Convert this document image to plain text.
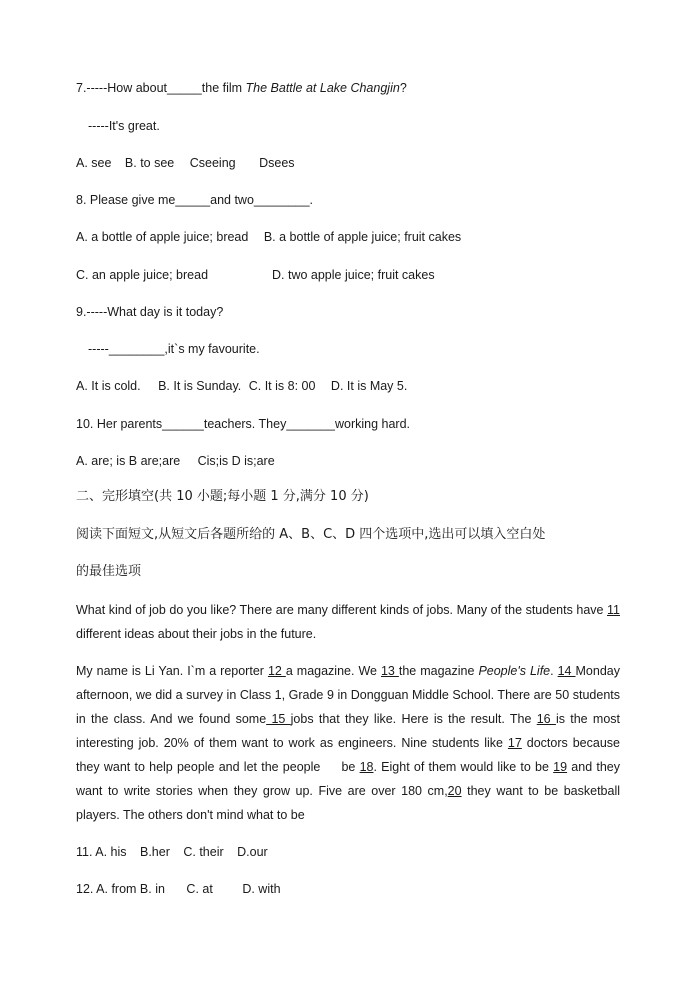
7.-----How about_____the film The Battle at Lake Changjin?
-----It's great.
A. see B. to see Cseeing Dsees
8. Please give me_____and two________.
A. a bottle of apple juice; bread B. a bottle of apple juice; fruit cakes
C. an apple juice; bread	D. two apple juice; fruit cakes
9.-----What day is it today?
-----________,it`s my favourite.
A. It is cold. B. It is Sunday. C. It is 8: 00 D. It is May 5.
10. Her parents______teachers. They_______working hard.
A. are; is B are;are     Cis;is D is;are
二、完形填空(共 10 小题;每小题 1 分,满分 10 分)
阅读下面短文,从短文后各题所给的 A、B、C、D 四个选项中,选出可以填入空白处
的最佳选项
What kind of job do you like? There are many different kinds of jobs. Many of the students have 11 different ideas about their jobs in the future.
My name is Li Yan. I`m a reporter 12 a magazine. We 13 the magazine People's Life. 14 Monday afternoon, we did a survey in Class 1, Grade 9 in Dongguan Middle School. There are 50 students in the class. And we found some 15 jobs that they like. Here is the result. The 16 is the most interesting job. 20% of them want to work as engineers. Nine students like 17 doctors because they want to help people and let the people     be 18. Eight of them would like to be 19 and they want to write stories when they grow up. Five are over 180 cm,20 they want to be basketball players. The others don't mind what to be
11. A. his B.her C. their D.our
12. A. from B. in C. at D. with
